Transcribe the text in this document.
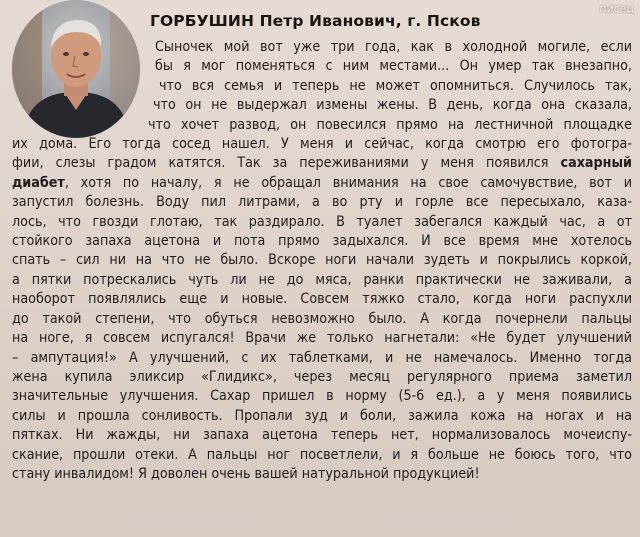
писец
ГОРБУШИН Петр Иванович, г. Псков
Сыночек мой вот уже три года, как в холодной могиле, если
бы я мог поменяться с ним местами... Он умер так внезапно,
что вся семья и теперь не может опомниться. Случилось так,
что он не выдержал измены жены. В день, когда она сказала,
что хочет развод, он повесился прямо на лестничной площадке
их дома. Его тогда сосед нашел. У меня и сейчас, когда смотрю его фотогра-
фии, слезы градом катятся. Так за переживаниями у меня появился сахарный
диабет, хотя по началу, я не обращал внимания на свое самочувствие, вот и
запустил болезнь. Воду пил литрами, а во рту и горле все пересыхало, каза-
лось, что гвозди глотаю, так раздирало. В туалет забегался каждый час, а от
стойкого запаха ацетона и пота прямо задыхался. И все время мне хотелось
спать – сил ни на что не было. Вскоре ноги начали зудеть и покрылись коркой,
а пятки потрескались чуть ли не до мяса, ранки практически не заживали, а
наоборот появлялись еще и новые. Совсем тяжко стало, когда ноги распухли
до такой степени, что обуться невозможно было. А когда почернели пальцы
на ноге, я совсем испугался! Врачи же только нагнетали: «Не будет улучшений
– ампутация!» А улучшений, с их таблетками, и не намечалось. Именно тогда
жена купила эликсир «Глидикс», через месяц регулярного приема заметил
значительные улучшения. Сахар пришел в норму (5-6 ед.), а у меня появились
силы и прошла сонливость. Пропали зуд и боли, зажила кожа на ногах и на
пятках. Ни жажды, ни запаха ацетона теперь нет, нормализовалось мочеиспу-
скание, прошли отеки. А пальцы ног посветлели, и я больше не боюсь того, что
стану инвалидом! Я доволен очень вашей натуральной продукцией!
